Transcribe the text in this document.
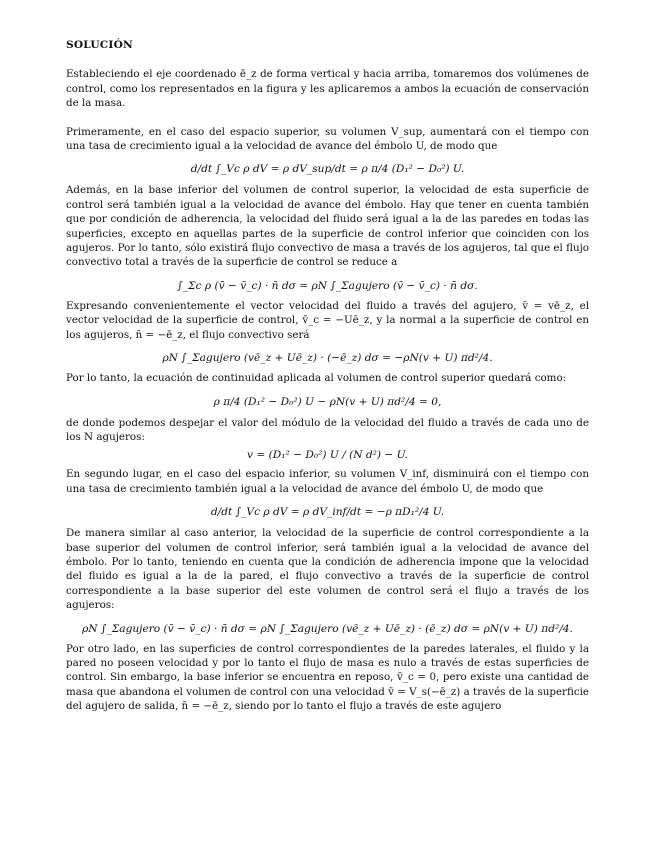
SOLUCIÓN

Estableciendo el eje coordenado ē_z de forma vertical y hacia arriba, tomaremos dos volúmenes de control, como los representados en la figura y les aplicaremos a ambos la ecuación de conservación de la masa.

Primeramente, en el caso del espacio superior, su volumen V_sup, aumentará con el tiempo con una tasa de crecimiento igual a la velocidad de avance del émbolo U, de modo que

d/dt ∫_Vc ρ dV = ρ dV_sup/dt = ρ π/4 (D₁² − D₀²) U.

Además, en la base inferior del volumen de control superior, la velocidad de esta superficie de control será también igual a la velocidad de avance del émbolo. Hay que tener en cuenta también que por condición de adherencia, la velocidad del fluido será igual a la de las paredes en todas las superficies, excepto en aquellas partes de la superficie de control inferior que coinciden con los agujeros. Por lo tanto, sólo existirá flujo convectivo de masa a través de los agujeros, tal que el flujo convectivo total a través de la superficie de control se reduce a

∫_Σc ρ (v̄ − v̄_c) · n̄ dσ = ρN ∫_Σagujero (v̄ − v̄_c) · n̄ dσ.

Expresando convenientemente el vector velocidad del fluido a través del agujero, v̄ = vē_z, el vector velocidad de la superficie de control, v̄_c = −Uē_z, y la normal a la superficie de control en los agujeros, n̄ = −ē_z, el flujo convectivo será

ρN ∫_Σagujero (vē_z + Uē_z) · (−ē_z) dσ = −ρN(v + U) πd²/4.

Por lo tanto, la ecuación de continuidad aplicada al volumen de control superior quedará como:

ρ π/4 (D₁² − D₀²) U − ρN(v + U) πd²/4 = 0,

de donde podemos despejar el valor del módulo de la velocidad del fluido a través de cada uno de los N agujeros:

v = (D₁² − D₀²) U / (N d²) − U.

En segundo lugar, en el caso del espacio inferior, su volumen V_inf, disminuirá con el tiempo con una tasa de crecimiento también igual a la velocidad de avance del émbolo U, de modo que

d/dt ∫_Vc ρ dV = ρ dV_inf/dt = −ρ πD₁²/4 U.

De manera similar al caso anterior, la velocidad de la superficie de control correspondiente a la base superior del volumen de control inferior, será también igual a la velocidad de avance del émbolo. Por lo tanto, teniendo en cuenta que la condición de adherencia impone que la velocidad del fluido es igual a la de la pared, el flujo convectivo a través de la superficie de control correspondiente a la base superior del este volumen de control será el flujo a través de los agujeros:

ρN ∫_Σagujero (v̄ − v̄_c) · n̄ dσ = ρN ∫_Σagujero (vē_z + Uē_z) · (ē_z) dσ = ρN(v + U) πd²/4.

Por otro lado, en las superficies de control correspondientes de la paredes laterales, el fluido y la pared no poseen velocidad y por lo tanto el flujo de masa es nulo a través de estas superficies de control. Sin embargo, la base inferior se encuentra en reposo, v̄_c = 0, pero existe una cantidad de masa que abandona el volumen de control con una velocidad v̄ = V_s(−ē_z) a través de la superficie del agujero de salida, n̄ = −ē_z, siendo por lo tanto el flujo a través de este agujero
